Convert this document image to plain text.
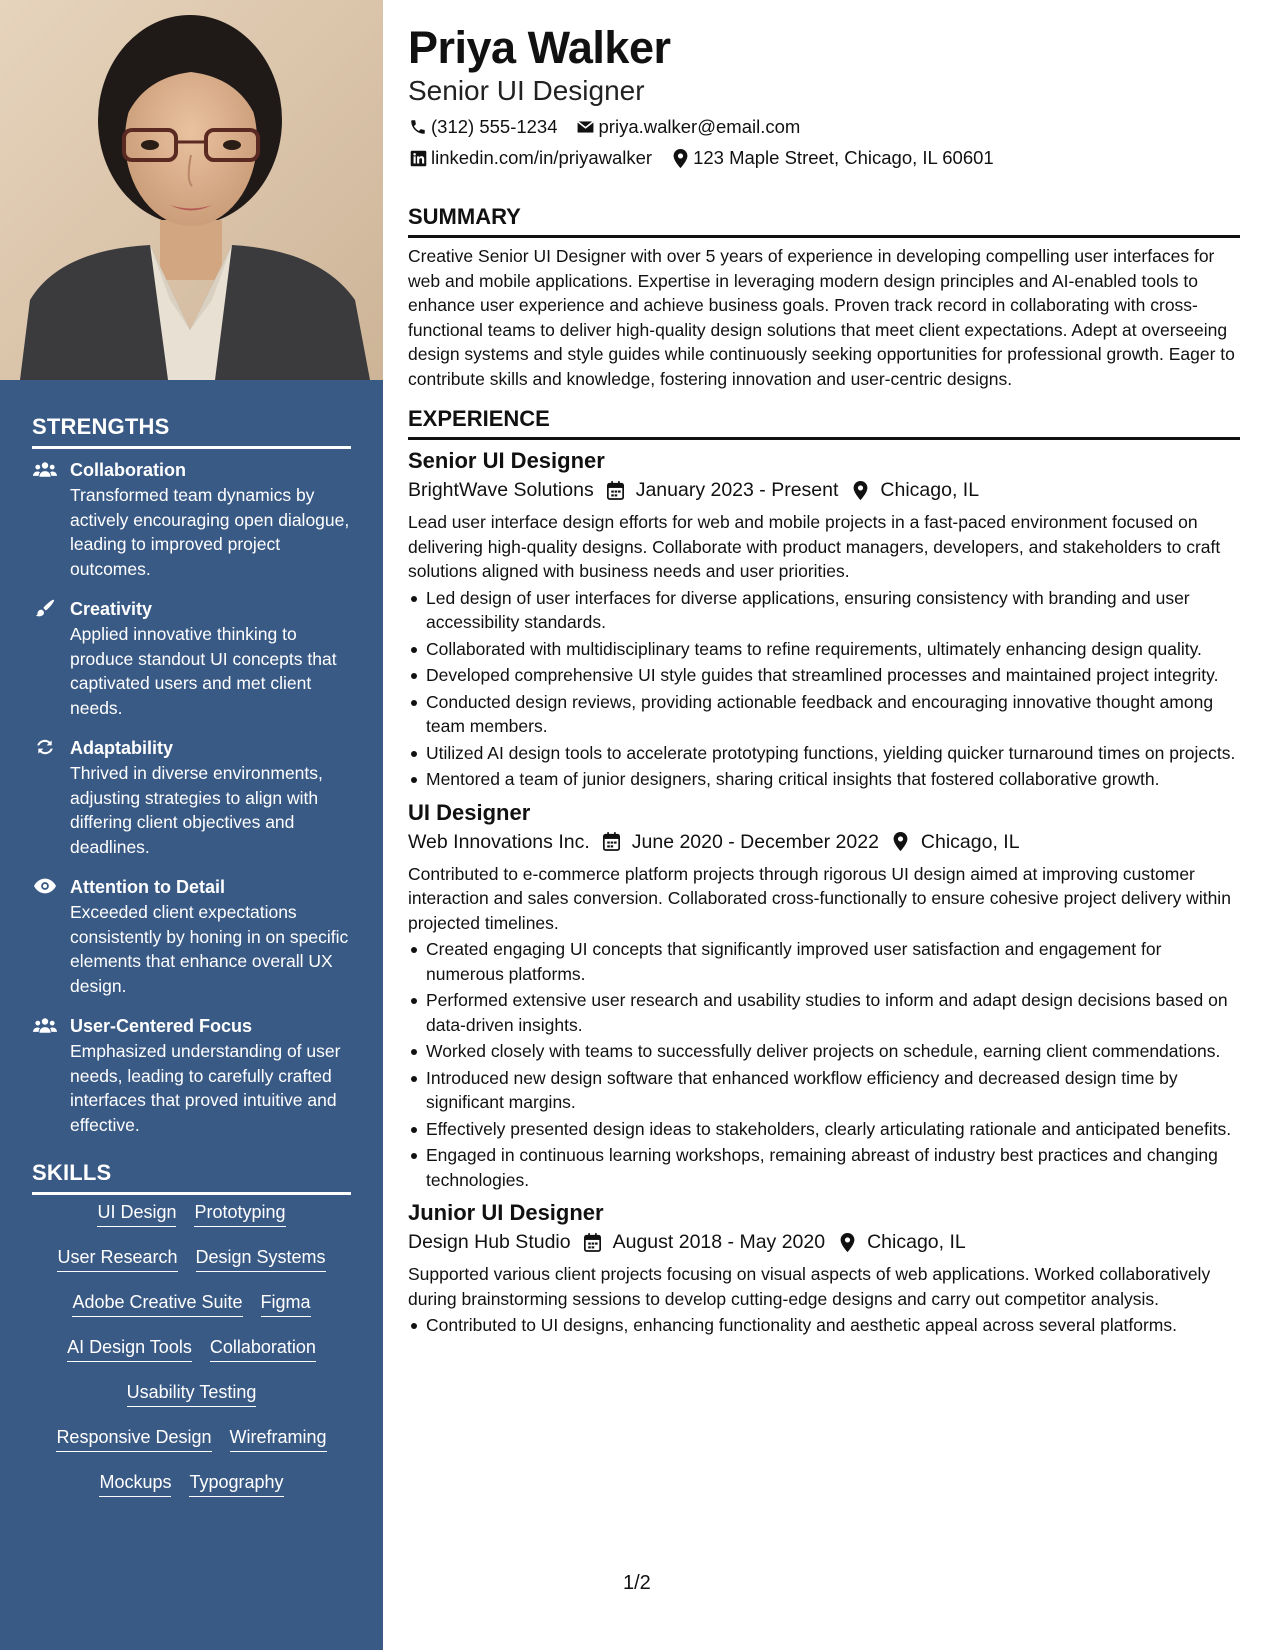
STRENGTHS
Collaboration
Transformed team dynamics by actively encouraging open dialogue, leading to improved project outcomes.
Creativity
Applied innovative thinking to produce standout UI concepts that captivated users and met client needs.
Adaptability
Thrived in diverse environments, adjusting strategies to align with differing client objectives and deadlines.
Attention to Detail
Exceeded client expectations consistently by honing in on specific elements that enhance overall UX design.
User-Centered Focus
Emphasized understanding of user needs, leading to carefully crafted interfaces that proved intuitive and effective.
SKILLS
UI Design Prototyping
User Research Design Systems
Adobe Creative Suite Figma
AI Design Tools Collaboration
Usability Testing
Responsive Design Wireframing
Mockups Typography
Priya Walker
Senior UI Designer
(312) 555-1234 priya.walker@email.com
linkedin.com/in/priyawalker 123 Maple Street, Chicago, IL 60601
SUMMARY
Creative Senior UI Designer with over 5 years of experience in developing compelling user interfaces for web and mobile applications. Expertise in leveraging modern design principles and AI-enabled tools to enhance user experience and achieve business goals. Proven track record in collaborating with cross-functional teams to deliver high-quality design solutions that meet client expectations. Adept at overseeing design systems and style guides while continuously seeking opportunities for professional growth. Eager to contribute skills and knowledge, fostering innovation and user-centric designs.
EXPERIENCE
Senior UI Designer
BrightWave Solutions January 2023 - Present Chicago, IL
Lead user interface design efforts for web and mobile projects in a fast-paced environment focused on delivering high-quality designs. Collaborate with product managers, developers, and stakeholders to craft solutions aligned with business needs and user priorities.
Led design of user interfaces for diverse applications, ensuring consistency with branding and user accessibility standards.
Collaborated with multidisciplinary teams to refine requirements, ultimately enhancing design quality.
Developed comprehensive UI style guides that streamlined processes and maintained project integrity.
Conducted design reviews, providing actionable feedback and encouraging innovative thought among team members.
Utilized AI design tools to accelerate prototyping functions, yielding quicker turnaround times on projects.
Mentored a team of junior designers, sharing critical insights that fostered collaborative growth.
UI Designer
Web Innovations Inc. June 2020 - December 2022 Chicago, IL
Contributed to e-commerce platform projects through rigorous UI design aimed at improving customer interaction and sales conversion. Collaborated cross-functionally to ensure cohesive project delivery within projected timelines.
Created engaging UI concepts that significantly improved user satisfaction and engagement for numerous platforms.
Performed extensive user research and usability studies to inform and adapt design decisions based on data-driven insights.
Worked closely with teams to successfully deliver projects on schedule, earning client commendations.
Introduced new design software that enhanced workflow efficiency and decreased design time by significant margins.
Effectively presented design ideas to stakeholders, clearly articulating rationale and anticipated benefits.
Engaged in continuous learning workshops, remaining abreast of industry best practices and changing technologies.
Junior UI Designer
Design Hub Studio August 2018 - May 2020 Chicago, IL
Supported various client projects focusing on visual aspects of web applications. Worked collaboratively during brainstorming sessions to develop cutting-edge designs and carry out competitor analysis.
Contributed to UI designs, enhancing functionality and aesthetic appeal across several platforms.
1/2
